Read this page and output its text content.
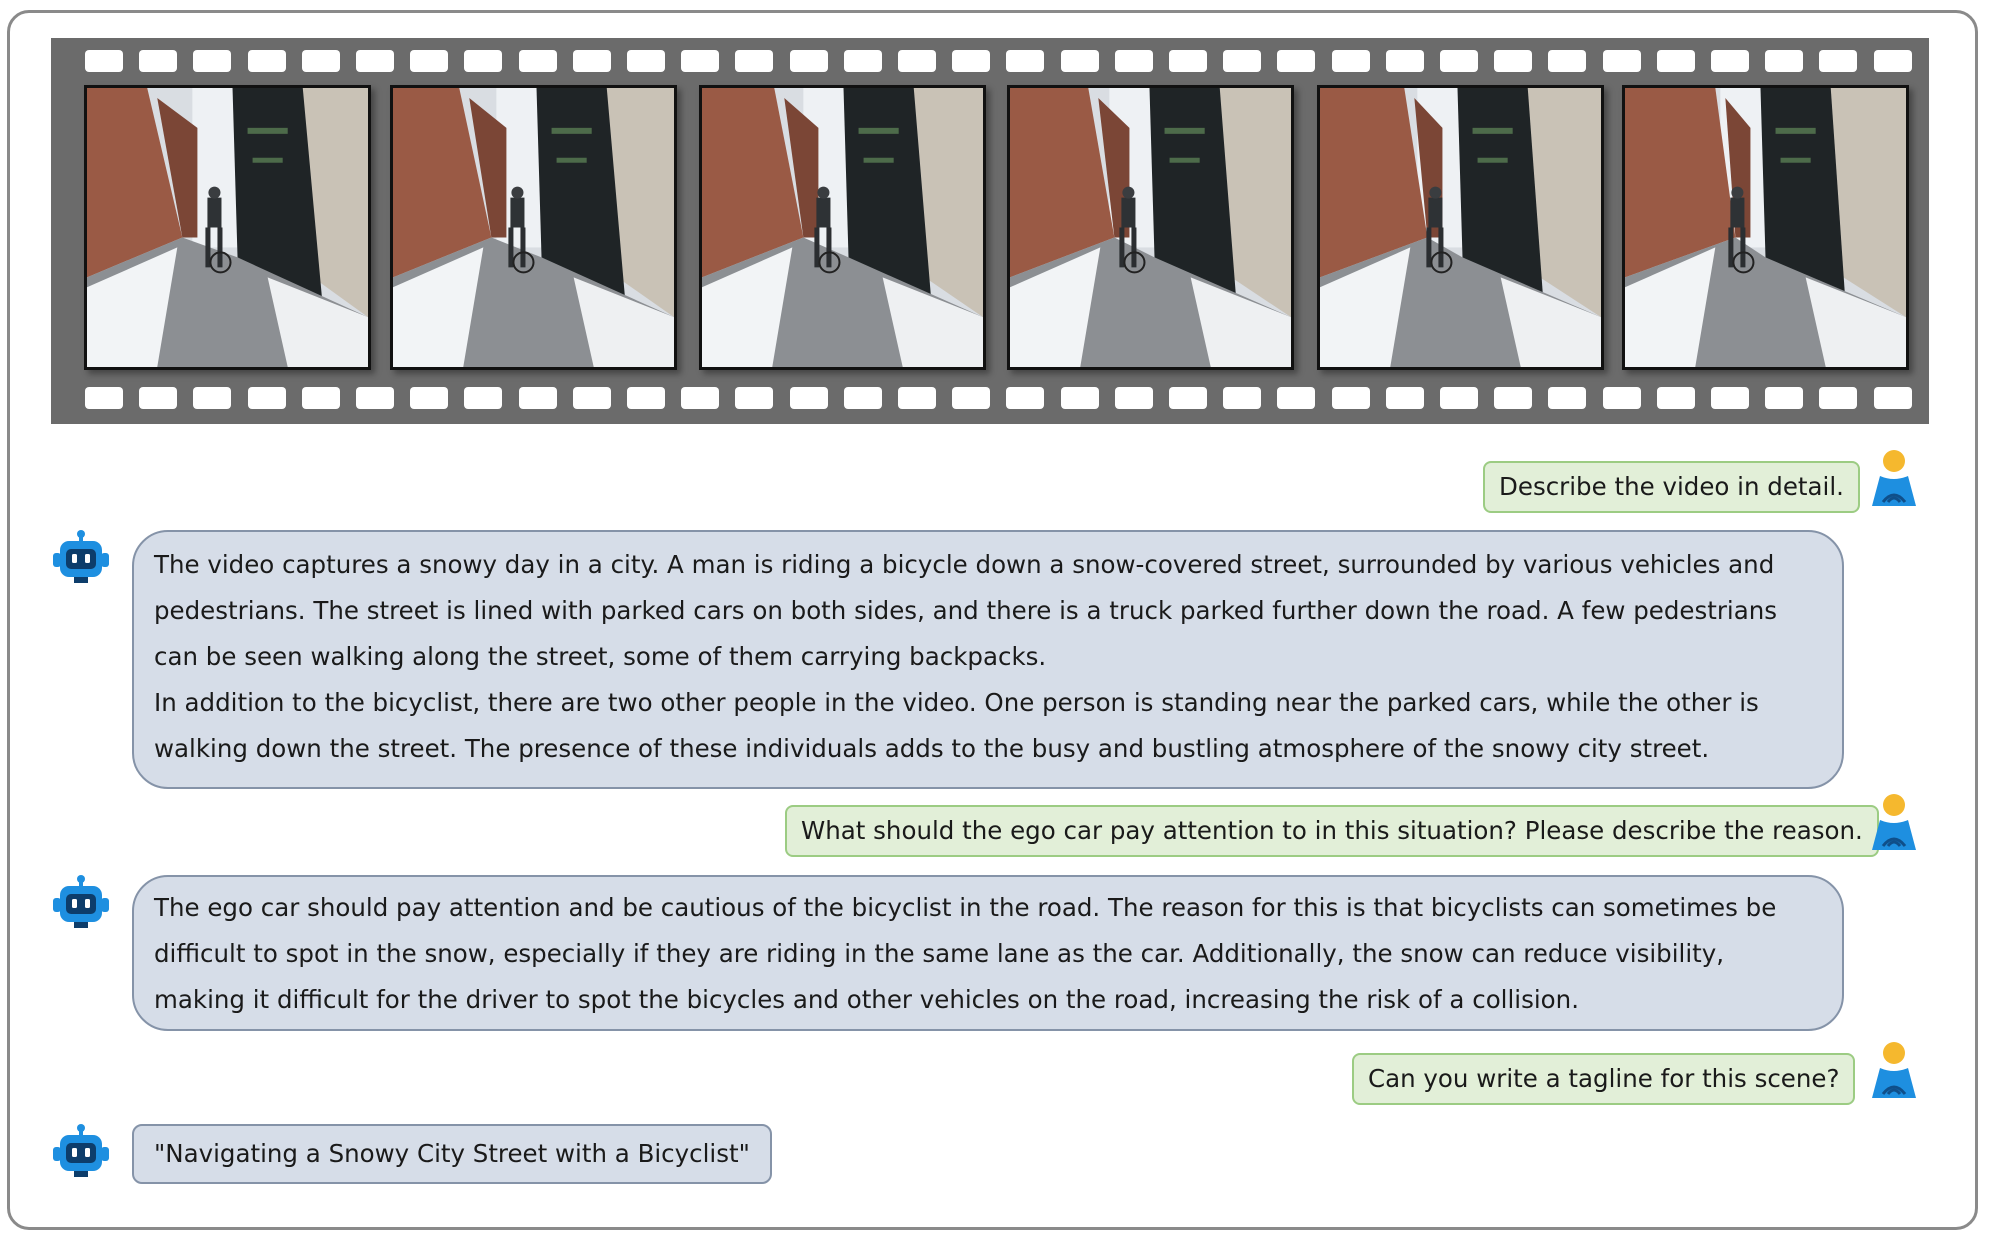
Describe the video in detail.

The video captures a snowy day in a city. A man is riding a bicycle down a snow-covered street, surrounded by various vehicles and pedestrians. The street is lined with parked cars on both sides, and there is a truck parked further down the road. A few pedestrians can be seen walking along the street, some of them carrying backpacks.

In addition to the bicyclist, there are two other people in the video. One person is standing near the parked cars, while the other is walking down the street. The presence of these individuals adds to the busy and bustling atmosphere of the snowy city street.

What should the ego car pay attention to in this situation? Please describe the reason.
The ego car should pay attention and be cautious of the bicyclist in the road. The reason for this is that bicyclists can sometimes be difficult to spot in the snow, especially if they are riding in the same lane as the car. Additionally, the snow can reduce visibility, making it difficult for the driver to spot the bicycles and other vehicles on the road, increasing the risk of a collision.
Can you write a tagline for this scene?
"Navigating a Snowy City Street with a Bicyclist"
